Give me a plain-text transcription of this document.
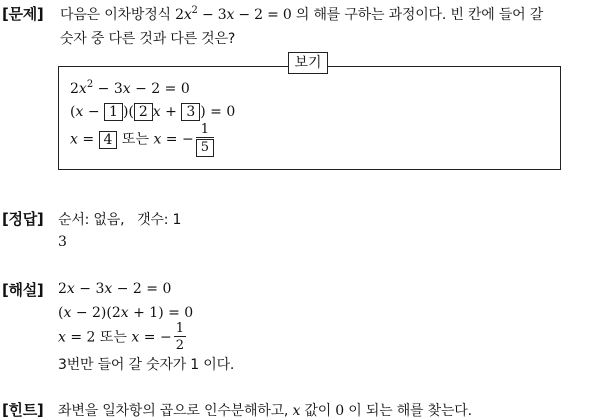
[문제] 다음은 이차방정식 $2x^2 - 3x - 2 = 0$ 의 해를 구하는 과정이다. 빈 칸에 들어 갈
숫자 중 다른 것과 다른 것은?
보기
$2x^2 - 3x - 2 = 0$
(x − 1 )( 2 x + 3 ) = 0
x = 4 또는 x = − $\frac{1}{5}$
[정답] 순서: 없음,   갯수: 1
3
[해설] 2x − 3x − 2 = 0
(x − 2)(2x + 1) = 0
x = 2 또는 x = − $\frac{1}{2}$
3번만 들어 갈 숫자가 1 이다.
[힌트] 좌변을 일차항의 곱으로 인수분해하고, x 값이 0 이 되는 해를 찾는다.
